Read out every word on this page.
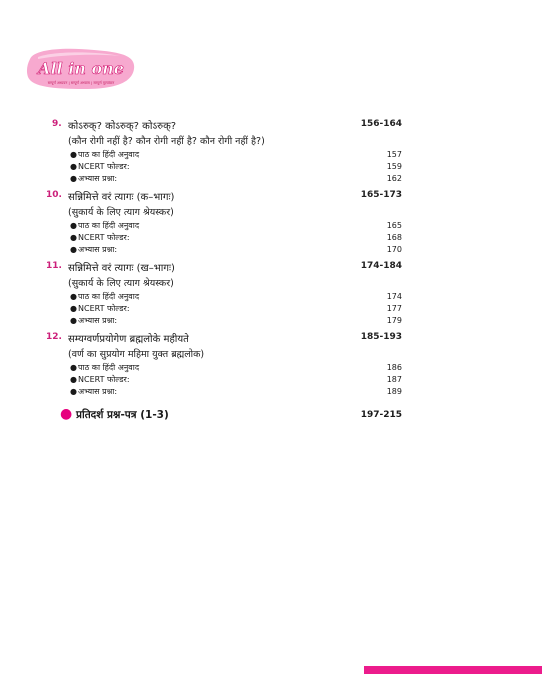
All in one
सम्पूर्ण अध्ययन | सम्पूर्ण अभ्यास | सम्पूर्ण मूल्यांकन
9. कोऽरुक्? कोऽरुक्? कोऽरुक्?	156-164
(कौन रोगी नहीं है? कौन रोगी नहीं है? कौन रोगी नहीं है?)
● पाठ का हिंदी अनुवाद	157
● NCERT फोल्डर:	159
● अभ्यास प्रश्ना:	162
10. सन्निमित्ते वरं त्यागः (क–भागः)	165-173
(सुकार्य के लिए त्याग श्रेयस्कर)
● पाठ का हिंदी अनुवाद	165
● NCERT फोल्डर:	168
● अभ्यास प्रश्ना:	170
11. सन्निमित्ते वरं त्यागः (ख–भागः)	174-184
(सुकार्य के लिए त्याग श्रेयस्कर)
● पाठ का हिंदी अनुवाद	174
● NCERT फोल्डर:	177
● अभ्यास प्रश्ना:	179
12. सम्यग्वर्णप्रयोगेण ब्रह्मलोके महीयते	185-193
(वर्ण का सुप्रयोग महिमा युक्त ब्रह्मलोक)
● पाठ का हिंदी अनुवाद	186
● NCERT फोल्डर:	187
● अभ्यास प्रश्ना:	189
● प्रतिदर्श प्रश्न-पत्र (1-3)	197-215
